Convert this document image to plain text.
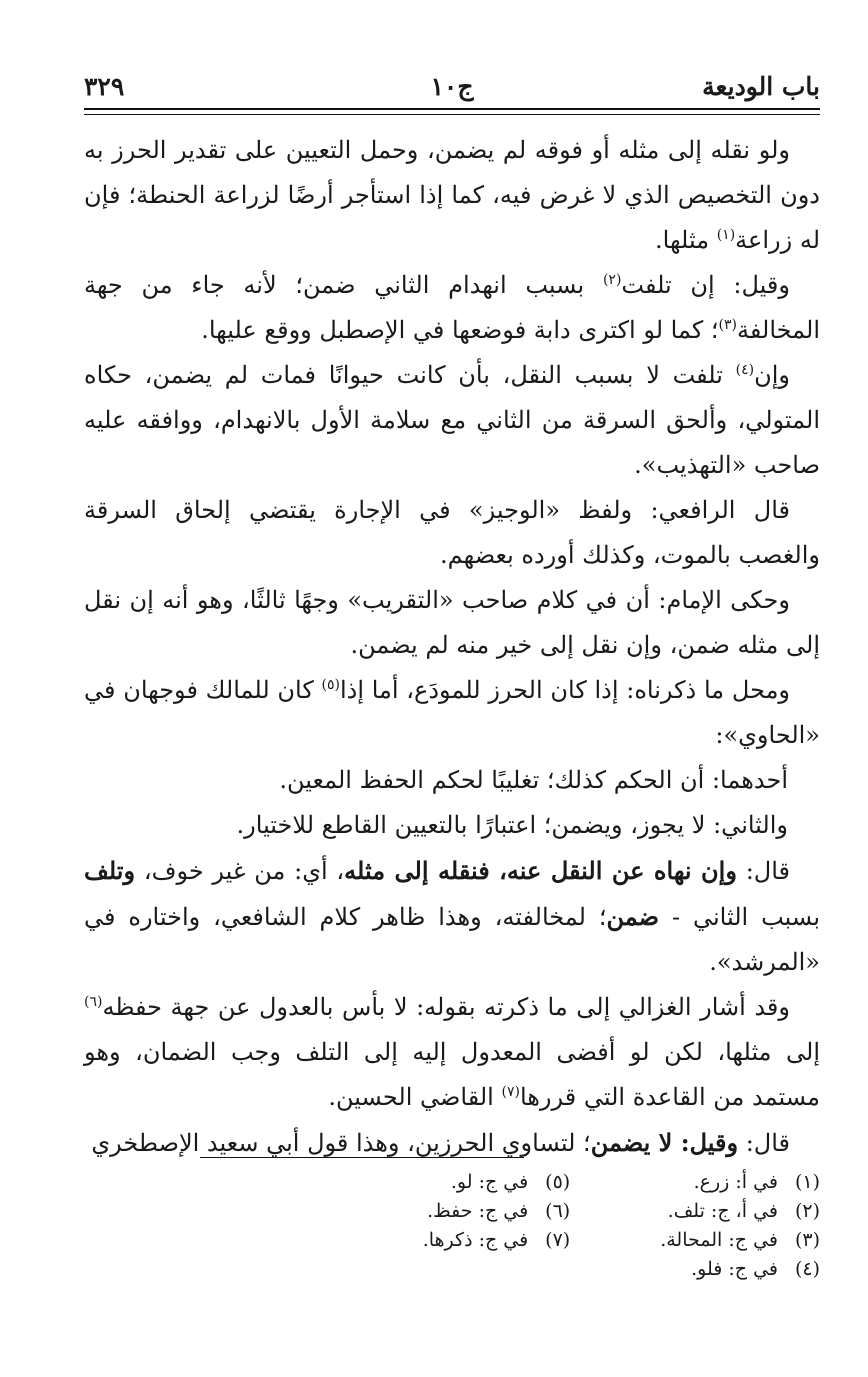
باب الوديعة
ج١٠
٣٢٩

ولو نقله إلى مثله أو فوقه لم يضمن، وحمل التعيين على تقدير الحرز به دون التخصيص الذي لا غرض فيه، كما إذا استأجر أرضًا لزراعة الحنطة؛ فإن له زراعة$^{(١)}$ مثلها.

وقيل: إن تلفت$^{(٢)}$ بسبب انهدام الثاني ضمن؛ لأنه جاء من جهة المخالفة$^{(٣)}$؛ كما لو اكترى دابة فوضعها في الإصطبل ووقع عليها.

وإن$^{(٤)}$ تلفت لا بسبب النقل، بأن كانت حيوانًا فمات لم يضمن، حكاه المتولي، وألحق السرقة من الثاني مع سلامة الأول بالانهدام، ووافقه عليه صاحب «التهذيب».

قال الرافعي: ولفظ «الوجيز» في الإجارة يقتضي إلحاق السرقة والغصب بالموت، وكذلك أورده بعضهم.

وحكى الإمام: أن في كلام صاحب «التقريب» وجهًا ثالثًا، وهو أنه إن نقل إلى مثله ضمن، وإن نقل إلى خير منه لم يضمن.

ومحل ما ذكرناه: إذا كان الحرز للمودَع، أما إذا$^{(٥)}$ كان للمالك فوجهان في «الحاوي»:

أحدهما: أن الحكم كذلك؛ تغليبًا لحكم الحفظ المعين.

والثاني: لا يجوز، ويضمن؛ اعتبارًا بالتعيين القاطع للاختيار.

قال: وإن نهاه عن النقل عنه، فنقله إلى مثله، أي: من غير خوف، وتلف بسبب الثاني - ضمن؛ لمخالفته، وهذا ظاهر كلام الشافعي، واختاره في «المرشد».

وقد أشار الغزالي إلى ما ذكرته بقوله: لا بأس بالعدول عن جهة حفظه$^{(٦)}$ إلى مثلها، لكن لو أفضى المعدول إليه إلى التلف وجب الضمان، وهو مستمد من القاعدة التي قررها$^{(٧)}$ القاضي الحسين.

قال: وقيل: لا يضمن؛ لتساوي الحرزين، وهذا قول أبي سعيد الإصطخري

(١)في أ: زرع.
(٢)في أ، ج: تلف.
(٣)في ج: المحالة.
(٤)في ج: فلو.
(٥)في ج: لو.
(٦)في ج: حفظ.
(٧)في ج: ذكرها.
